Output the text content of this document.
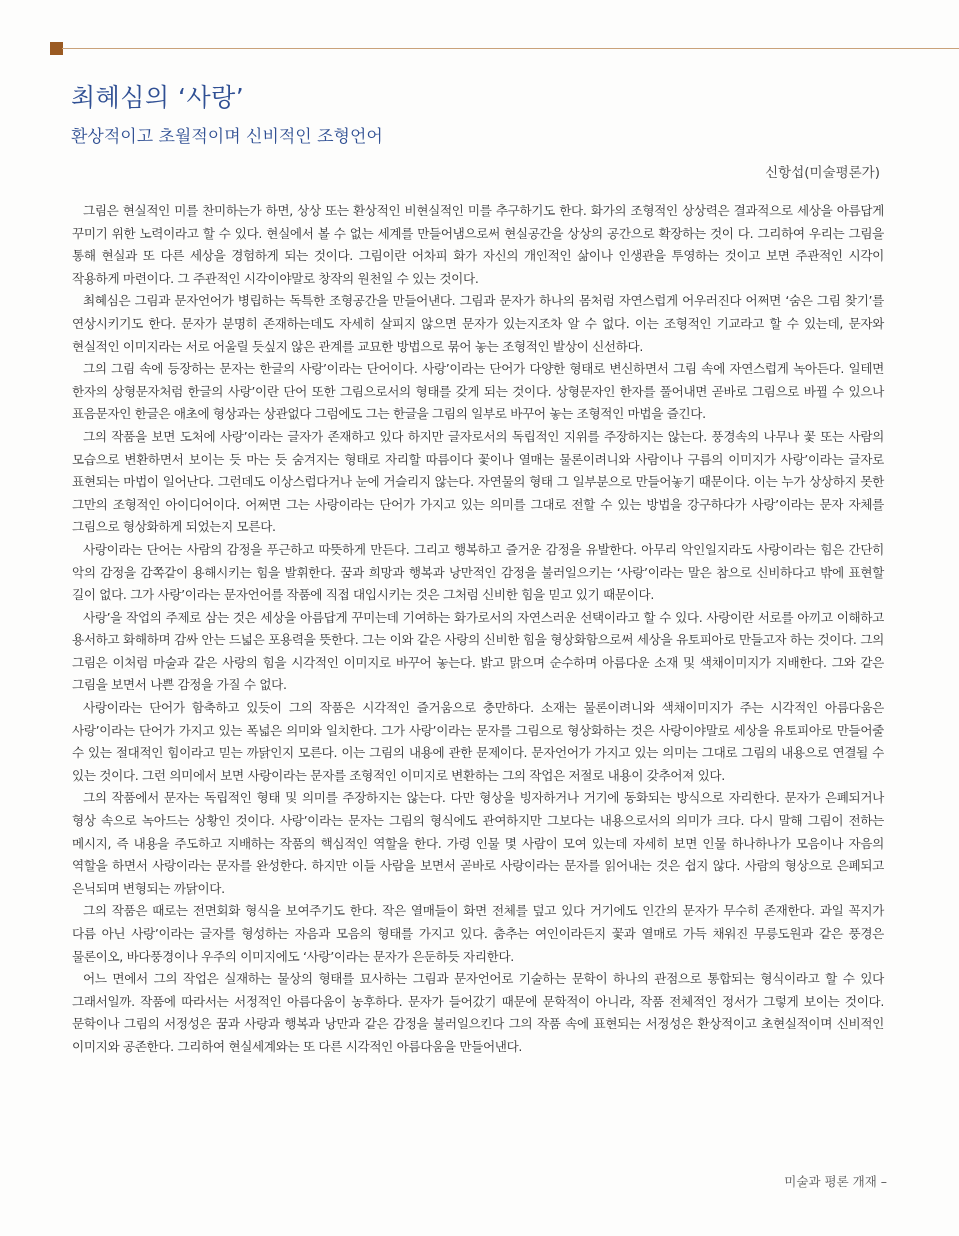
최혜심의 ‘사랑’
환상적이고 초월적이며 신비적인 조형언어
신항섭(미술평론가)

그림은 현실적인 미를 찬미하는가 하면, 상상 또는 환상적인 비현실적인 미를 추구하기도 한다. 화가의 조형적인 상상력은 결과적으로 세상을 아름답게 꾸미기 위한 노력이라고 할 수 있다. 현실에서 볼 수 없는 세계를 만들어냄으로써 현실공간을 상상의 공간으로 확장하는 것이 다. 그리하여 우리는 그림을 통해 현실과 또 다른 세상을 경험하게 되는 것이다. 그림이란 어차피 화가 자신의 개인적인 삶이나 인생관을 투영하는 것이고 보면 주관적인 시각이 작용하게 마련이다. 그 주관적인 시각이야말로 창작의 원천일 수 있는 것이다.

최혜심은 그림과 문자언어가 병립하는 독특한 조형공간을 만들어낸다. 그림과 문자가 하나의 몸처럼 자연스럽게 어우러진다 어쩌면 ‘숨은 그림 찾기’를 연상시키기도 한다. 문자가 분명히 존재하는데도 자세히 살피지 않으면 문자가 있는지조차 알 수 없다. 이는 조형적인 기교라고 할 수 있는데, 문자와 현실적인 이미지라는 서로 어울릴 듯싶지 않은 관계를 교묘한 방법으로 묶어 놓는 조형적인 발상이 신선하다.

그의 그림 속에 등장하는 문자는 한글의 사랑’이라는 단어이다. 사랑’이라는 단어가 다양한 형태로 변신하면서 그림 속에 자연스럽게 녹아든다. 일테면 한자의 상형문자처럼 한글의 사랑’이란 단어 또한 그림으로서의 형태를 갖게 되는 것이다. 상형문자인 한자를 풀어내면 곧바로 그림으로 바뀔 수 있으나 표음문자인 한글은 애초에 형상과는 상관없다 그럼에도 그는 한글을 그림의 일부로 바꾸어 놓는 조형적인 마법을 즐긴다.

그의 작품을 보면 도처에 사랑’이라는 글자가 존재하고 있다 하지만 글자로서의 독립적인 지위를 주장하지는 않는다. 풍경속의 나무나 꽃 또는 사람의 모습으로 변환하면서 보이는 듯 마는 듯 숨겨지는 형태로 자리할 따름이다 꽃이나 열매는 물론이려니와 사람이나 구름의 이미지가 사랑’이라는 글자로 표현되는 마법이 일어난다. 그런데도 이상스럽다거나 눈에 거슬리지 않는다. 자연물의 형태 그 일부분으로 만들어놓기 때문이다. 이는 누가 상상하지 못한 그만의 조형적인 아이디어이다. 어쩌면 그는 사랑이라는 단어가 가지고 있는 의미를 그대로 전할 수 있는 방법을 강구하다가 사랑’이라는 문자 자체를 그림으로 형상화하게 되었는지 모른다.

사랑이라는 단어는 사람의 감정을 푸근하고 따뜻하게 만든다. 그리고 행복하고 즐거운 감정을 유발한다. 아무리 악인일지라도 사랑이라는 힘은 간단히 악의 감정을 감쪽같이 용해시키는 힘을 발휘한다. 꿈과 희망과 행복과 낭만적인 감정을 불러일으키는 ‘사랑’이라는 말은 참으로 신비하다고 밖에 표현할 길이 없다. 그가 사랑’이라는 문자언어를 작품에 직접 대입시키는 것은 그처럼 신비한 힘을 믿고 있기 때문이다.

사랑’을 작업의 주제로 삼는 것은 세상을 아름답게 꾸미는데 기여하는 화가로서의 자연스러운 선택이라고 할 수 있다. 사랑이란 서로를 아끼고 이해하고 용서하고 화해하며 감싸 안는 드넓은 포용력을 뜻한다. 그는 이와 같은 사랑의 신비한 힘을 형상화함으로써 세상을 유토피아로 만들고자 하는 것이다. 그의 그림은 이처럼 마술과 같은 사랑의 힘을 시각적인 이미지로 바꾸어 놓는다. 밝고 맑으며 순수하며 아름다운 소재 및 색채이미지가 지배한다. 그와 같은 그림을 보면서 나쁜 감정을 가질 수 없다.

사랑이라는 단어가 함축하고 있듯이 그의 작품은 시각적인 즐거움으로 충만하다. 소재는 물론이려니와 색채이미지가 주는 시각적인 아름다움은 사랑’이라는 단어가 가지고 있는 폭넓은 의미와 일치한다. 그가 사랑’이라는 문자를 그림으로 형상화하는 것은 사랑이야말로 세상을 유토피아로 만들어줄 수 있는 절대적인 힘이라고 믿는 까닭인지 모른다. 이는 그림의 내용에 관한 문제이다. 문자언어가 가지고 있는 의미는 그대로 그림의 내용으로 연결될 수 있는 것이다. 그런 의미에서 보면 사랑이라는 문자를 조형적인 이미지로 변환하는 그의 작업은 저절로 내용이 갖추어져 있다.

그의 작품에서 문자는 독립적인 형태 및 의미를 주장하지는 않는다. 다만 형상을 빙자하거나 거기에 동화되는 방식으로 자리한다. 문자가 은폐되거나 형상 속으로 녹아드는 상황인 것이다. 사랑’이라는 문자는 그림의 형식에도 관여하지만 그보다는 내용으로서의 의미가 크다. 다시 말해 그림이 전하는 메시지, 즉 내용을 주도하고 지배하는 작품의 핵심적인 역할을 한다. 가령 인물 몇 사람이 모여 있는데 자세히 보면 인물 하나하나가 모음이나 자음의 역할을 하면서 사랑이라는 문자를 완성한다. 하지만 이들 사람을 보면서 곧바로 사랑이라는 문자를 읽어내는 것은 쉽지 않다. 사람의 형상으로 은폐되고 은닉되며 변형되는 까닭이다.

그의 작품은 때로는 전면회화 형식을 보여주기도 한다. 작은 열매들이 화면 전체를 덮고 있다 거기에도 인간의 문자가 무수히 존재한다. 과일 꼭지가 다름 아닌 사랑’이라는 글자를 형성하는 자음과 모음의 형태를 가지고 있다. 춤추는 여인이라든지 꽃과 열매로 가득 채워진 무릉도원과 같은 풍경은 물론이오, 바다풍경이나 우주의 이미지에도 ‘사랑’이라는 문자가 은둔하듯 자리한다.

어느 면에서 그의 작업은 실재하는 물상의 형태를 묘사하는 그림과 문자언어로 기술하는 문학이 하나의 관점으로 통합되는 형식이라고 할 수 있다 그래서일까. 작품에 따라서는 서정적인 아름다움이 농후하다. 문자가 들어갔기 때문에 문학적이 아니라, 작품 전체적인 정서가 그렇게 보이는 것이다. 문학이나 그림의 서정성은 꿈과 사랑과 행복과 낭만과 같은 감정을 불러일으킨다 그의 작품 속에 표현되는 서정성은 환상적이고 초현실적이며 신비적인 이미지와 공존한다. 그리하여 현실세계와는 또 다른 시각적인 아름다움을 만들어낸다.

미술과 평론 개재 –
